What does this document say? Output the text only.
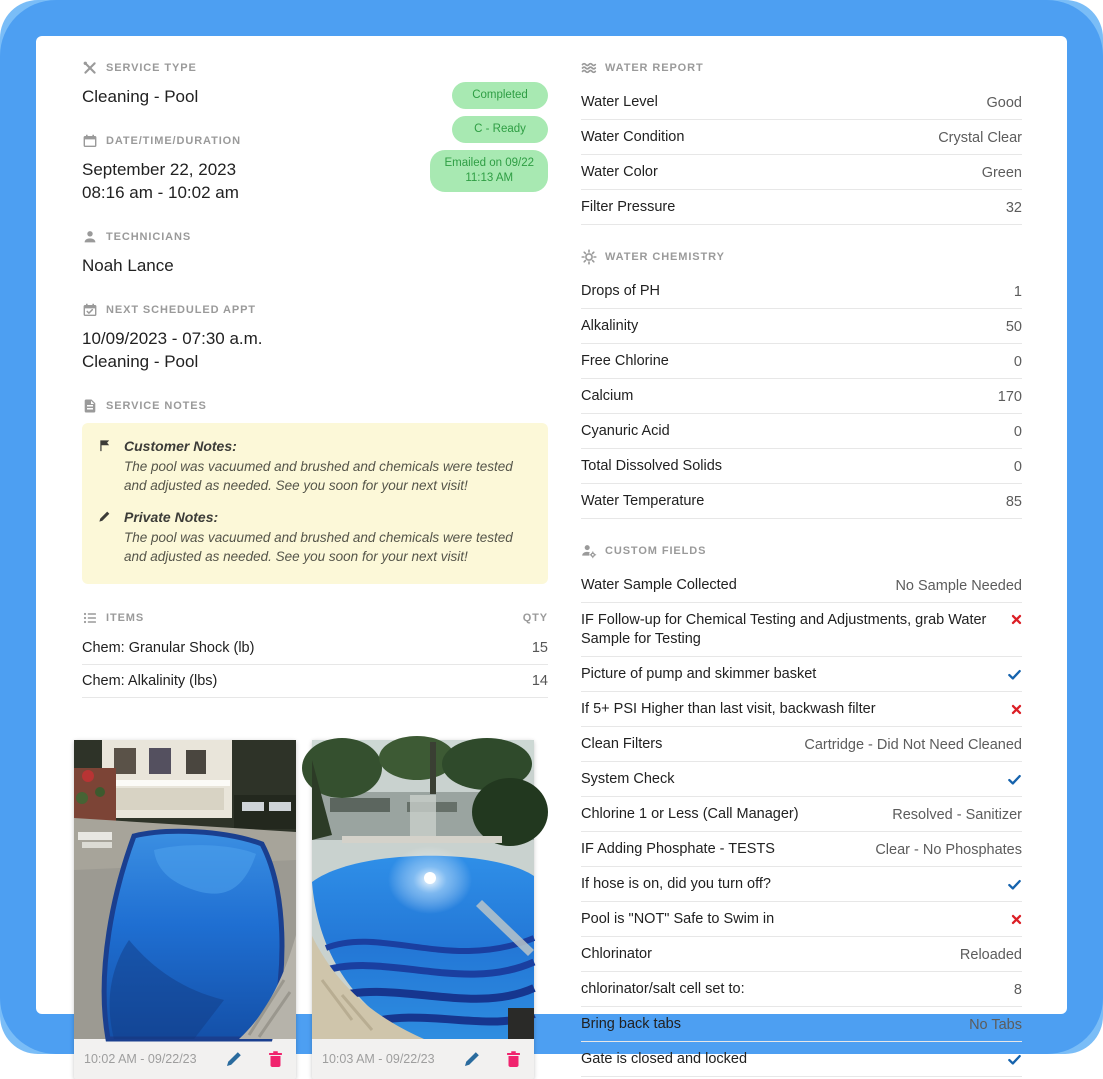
SERVICE TYPE
Cleaning - Pool
DATE/TIME/DURATION
September 22, 2023
08:16 am - 10:02 am
TECHNICIANS
Noah Lance
NEXT SCHEDULED APPT
10/09/2023 - 07:30 a.m.
Cleaning - Pool
SERVICE NOTES
Customer Notes:
The pool was vacuumed and brushed and chemicals were tested and adjusted as needed. See you soon for your next visit!
Private Notes:
The pool was vacuumed and brushed and chemicals were tested and adjusted as needed. See you soon for your next visit!
ITEMS	QTY
Chem: Granular Shock (lb)	15
Chem: Alkalinity (lbs)	14
10:02 AM - 09/22/23	10:03 AM - 09/22/23
Completed
C - Ready
Emailed on 09/22
11:13 AM
WATER REPORT
Water Level	Good
Water Condition	Crystal Clear
Water Color	Green
Filter Pressure	32
WATER CHEMISTRY
Drops of PH	1
Alkalinity	50
Free Chlorine	0
Calcium	170
Cyanuric Acid	0
Total Dissolved Solids	0
Water Temperature	85
CUSTOM FIELDS
Water Sample Collected	No Sample Needed
IF Follow-up for Chemical Testing and Adjustments, grab Water Sample for Testing
Picture of pump and skimmer basket
If 5+ PSI Higher than last visit, backwash filter
Clean Filters	Cartridge - Did Not Need Cleaned
System Check
Chlorine 1 or Less (Call Manager)	Resolved - Sanitizer
IF Adding Phosphate - TESTS	Clear - No Phosphates
If hose is on, did you turn off?
Pool is "NOT" Safe to Swim in
Chlorinator	Reloaded
chlorinator/salt cell set to:	8
Bring back tabs	No Tabs
Gate is closed and locked
